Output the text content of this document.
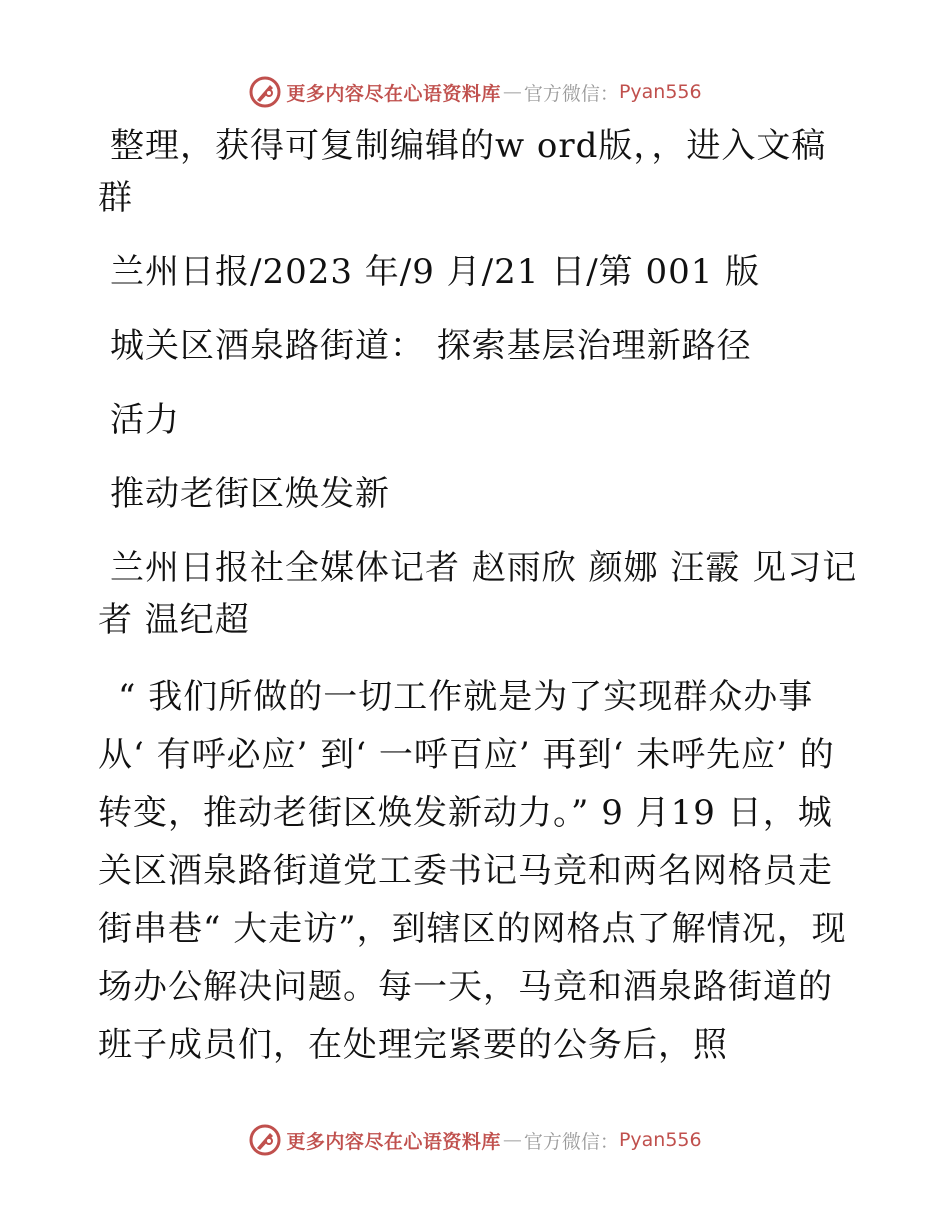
更多内容尽在心语资料库 — 官方微信： Pyan556
整理，获得可复制编辑的w ord版，，进入文稿群
兰州日报/2023 年/9 月/21 日/第 001 版
城关区酒泉路街道： 探索基层治理新路径
活力
推动老街区焕发新
兰州日报社全媒体记者 赵雨欣 颜娜 汪霰 见习记者 温纪超
“ 我们所做的一切工作就是为了实现群众办事从‘ 有呼必应’ 到‘ 一呼百应’ 再到‘ 未呼先应’ 的转变，推动老街区焕发新动力。” 9 月19 日，城关区酒泉路街道党工委书记马竞和两名网格员走街串巷“ 大走访”，到辖区的网格点了解情况，现场办公解决问题。每一天，马竞和酒泉路街道的班子成员们，在处理完紧要的公务后，照
更多内容尽在心语资料库 — 官方微信： Pyan556
